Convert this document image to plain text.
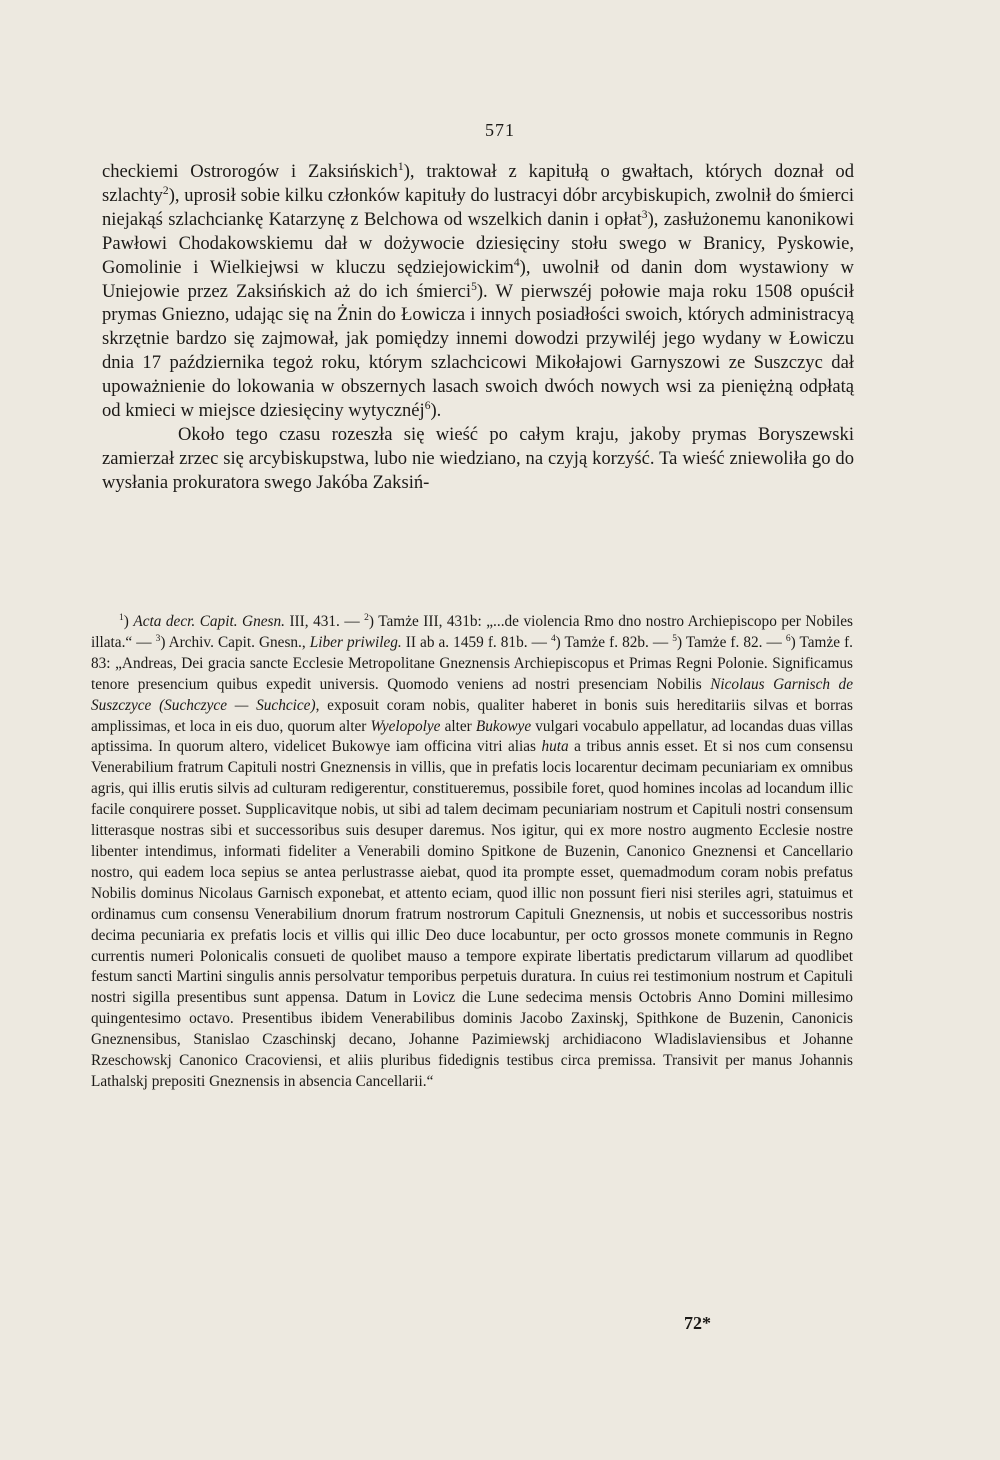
571

checkiemi Ostrorogów i Zaksińskich$^1$), traktował z kapitułą o gwałtach, których doznał od szlachty$^2$), uprosił sobie kilku członków kapituły do lustracyi dóbr arcybiskupich, zwolnił do śmierci niejakąś szlachciankę Katarzynę z Belchowa od wszelkich danin i opłat$^3$), zasłużonemu kanonikowi Pawłowi Chodakowskiemu dał w dożywocie dziesięciny stołu swego w Branicy, Pyskowie, Gomolinie i Wielkiejwsi w kluczu sędziejowickim$^4$), uwolnił od danin dom wystawiony w Uniejowie przez Zaksińskich aż do ich śmierci$^5$). W pierwszéj połowie maja roku 1508 opuścił prymas Gniezno, udając się na Żnin do Łowicza i innych posiadłości swoich, których administracyą skrzętnie bardzo się zajmował, jak pomiędzy innemi dowodzi przywiléj jego wydany w Łowiczu dnia 17 października tegoż roku, którym szlachcicowi Mikołajowi Garnyszowi ze Suszczyc dał upoważnienie do lokowania w obszernych lasach swoich dwóch nowych wsi za pieniężną odpłatą od kmieci w miejsce dziesięciny wytycznéj$^6$).

Około tego czasu rozeszła się wieść po całym kraju, jakoby prymas Boryszewski zamierzał zrzec się arcybiskupstwa, lubo nie wiedziano, na czyją korzyść. Ta wieść zniewoliła go do wysłania prokuratora swego Jakóba Zaksiń-

$^1$) Acta decr. Capit. Gnesn. III, 431. — $^2$) Tamże III, 431b: „...de violencia Rmo dno nostro Archiepiscopo per Nobiles illata.“ — $^3$) Archiv. Capit. Gnesn., Liber priwileg. II ab a. 1459 f. 81b. — $^4$) Tamże f. 82b. — $^5$) Tamże f. 82. — $^6$) Tamże f. 83: „Andreas, Dei gracia sancte Ecclesie Metropolitane Gneznensis Archiepiscopus et Primas Regni Polonie. Significamus tenore presencium quibus expedit universis. Quomodo veniens ad nostri presenciam Nobilis Nicolaus Garnisch de Suszczyce (Suchczyce — Suchcice), exposuit coram nobis, qualiter haberet in bonis suis hereditariis silvas et borras amplissimas, et loca in eis duo, quorum alter Wyelopolye alter Bukowye vulgari vocabulo appellatur, ad locandas duas villas aptissima. In quorum altero, videlicet Bukowye iam officina vitri alias huta a tribus annis esset. Et si nos cum consensu Venerabilium fratrum Capituli nostri Gneznensis in villis, que in prefatis locis locarentur decimam pecuniariam ex omnibus agris, qui illis erutis silvis ad culturam redigerentur, constitueremus, possibile foret, quod homines incolas ad locandum illic facile conquirere posset. Supplicavitque nobis, ut sibi ad talem decimam pecuniariam nostrum et Capituli nostri consensum litterasque nostras sibi et successoribus suis desuper daremus. Nos igitur, qui ex more nostro augmento Ecclesie nostre libenter intendimus, informati fideliter a Venerabili domino Spitkone de Buzenin, Canonico Gneznensi et Cancellario nostro, qui eadem loca sepius se antea perlustrasse aiebat, quod ita prompte esset, quemadmodum coram nobis prefatus Nobilis dominus Nicolaus Garnisch exponebat, et attento eciam, quod illic non possunt fieri nisi steriles agri, statuimus et ordinamus cum consensu Venerabilium dnorum fratrum nostrorum Capituli Gneznensis, ut nobis et successoribus nostris decima pecuniaria ex prefatis locis et villis qui illic Deo duce locabuntur, per octo grossos monete communis in Regno currentis numeri Polonicalis consueti de quolibet mauso a tempore expirate libertatis predictarum villarum ad quodlibet festum sancti Martini singulis annis persolvatur temporibus perpetuis duratura. In cuius rei testimonium nostrum et Capituli nostri sigilla presentibus sunt appensa. Datum in Lovicz die Lune sedecima mensis Octobris Anno Domini millesimo quingentesimo octavo. Presentibus ibidem Venerabilibus dominis Jacobo Zaxinskj, Spithkone de Buzenin, Canonicis Gneznensibus, Stanislao Czaschinskj decano, Johanne Pazimiewskj archidiacono Wladislaviensibus et Johanne Rzeschowskj Canonico Cracoviensi, et aliis pluribus fidedignis testibus circa premissa. Transivit per manus Johannis Lathalskj prepositi Gneznensis in absencia Cancellarii.“

72*
